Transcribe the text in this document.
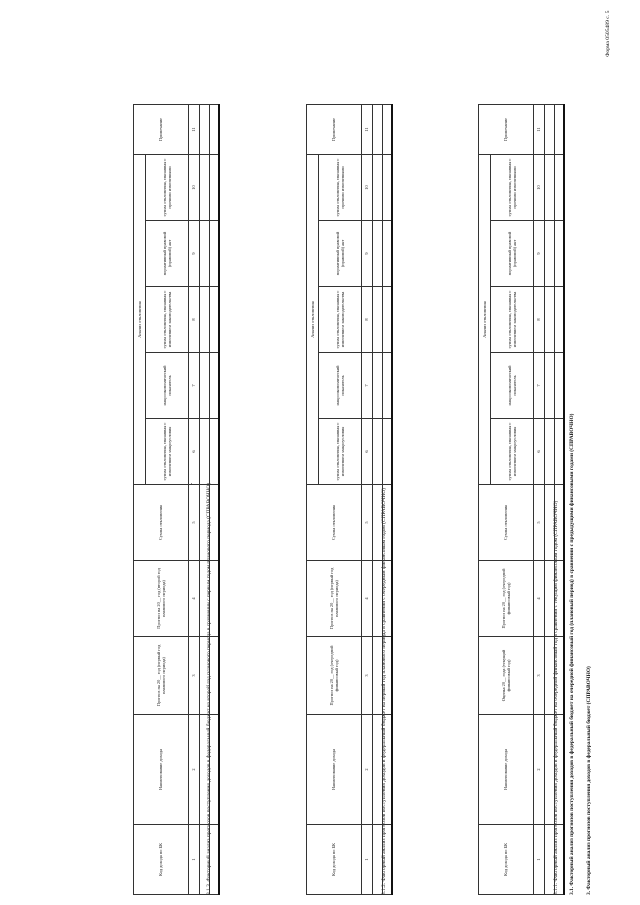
Форма 0505489 с. 5
3. Факторный анализ прогнозов поступления доходов в федеральный бюджет (СПРАВОЧНО)
3.1. Факторный анализ прогнозов поступления доходов в федеральный бюджет на очередной финансовый год (плановый период) в сравнении с предыдущими финансовыми годами (СПРАВОЧНО)
3.1.1. Факторный анализ прогнозов поступления доходов в федеральный бюджет на очередной финансовый год в сравнении с текущим финансовым годом (СПРАВОЧНО)
Код дохода по БК	Наименование дохода	Оценка 20__ года (текущий финансовый год)	Прогноз на 20__ год (очередной финансовый год)	Сумма отклонения	Анализ отклонения					Примечание
					сумма отклонения, связанная с изменением макроусловия	макроэкономический показатель	сумма отклонения, связанная с изменением законодательства	нормативный правовой (правовой) акт	сумма отклонения, связанная с прочими изменениями	
1	2	3	4	5	6	7	8	9	10	11

3.1.2. Факторный анализ прогнозов поступления доходов в федеральный бюджет на первый год планового периода в сравнении с очередным финансовым годом (СПРАВОЧНО)
Код дохода по БК	Наименование дохода	Прогноз на 20__ год (очередной финансовый год)	Прогноз на 20__ год (первый год планового периода)	Сумма отклонения	Анализ отклонения					Примечание
					сумма отклонения, связанная с изменением макроусловия	макроэкономический показатель	сумма отклонения, связанная с изменением законодательства	нормативный правовой (правовой) акт	сумма отклонения, связанная с прочими изменениями	
1	2	3	4	5	6	7	8	9	10	11

3.1.3. Факторный анализ прогнозов поступления доходов в федеральный бюджет на второй год планового периода в сравнении с первым годом планового периода (СПРАВОЧНО)
Код дохода по БК	Наименование дохода	Прогноз на 20__ год (первый год планового периода)	Прогноз на 20__ год (второй год планового периода)	Сумма отклонения	Анализ отклонения					Примечание
					сумма отклонения, связанная с изменением макроусловия	макроэкономический показатель	сумма отклонения, связанная с изменением законодательства	нормативный правовой (правовой) акт	сумма отклонения, связанная с прочими изменениями	
1	2	3	4	5	6	7	8	9	10	11
